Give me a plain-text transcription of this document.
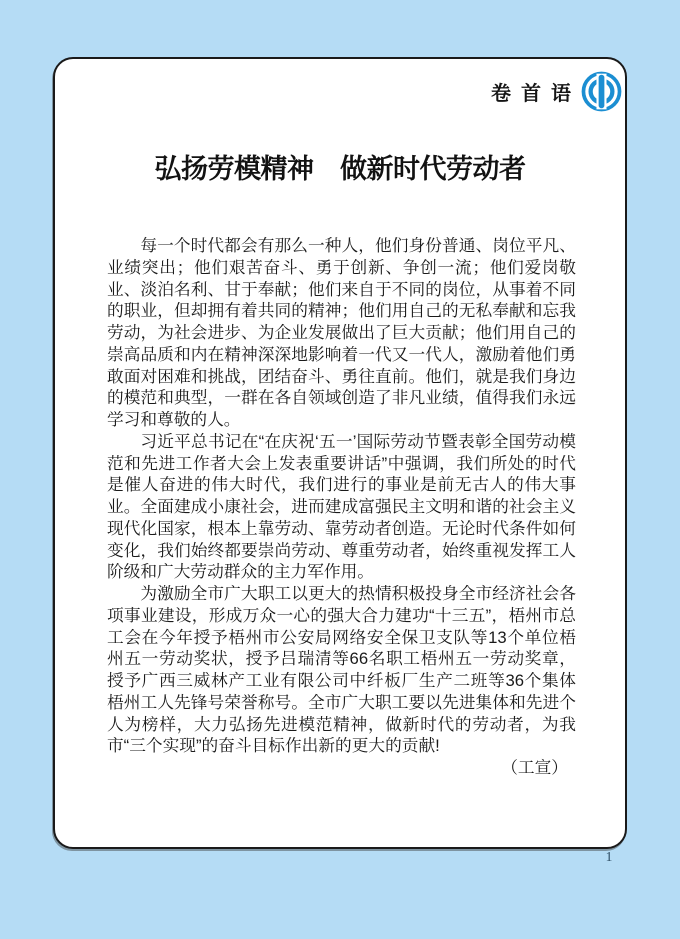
卷首语
弘扬劳模精神　做新时代劳动者

每一个时代都会有那么一种人，他们身份普通、岗位平凡、业绩突出；他们艰苦奋斗、勇于创新、争创一流；他们爱岗敬业、淡泊名利、甘于奉献；他们来自于不同的岗位，从事着不同的职业，但却拥有着共同的精神；他们用自己的无私奉献和忘我劳动，为社会进步、为企业发展做出了巨大贡献；他们用自己的崇高品质和内在精神深深地影响着一代又一代人，激励着他们勇敢面对困难和挑战，团结奋斗、勇往直前。他们，就是我们身边的模范和典型，一群在各自领域创造了非凡业绩，值得我们永远学习和尊敬的人。

习近平总书记在“在庆祝‘五一’国际劳动节暨表彰全国劳动模范和先进工作者大会上发表重要讲话”中强调，我们所处的时代是催人奋进的伟大时代，我们进行的事业是前无古人的伟大事业。全面建成小康社会，进而建成富强民主文明和谐的社会主义现代化国家，根本上靠劳动、靠劳动者创造。无论时代条件如何变化，我们始终都要崇尚劳动、尊重劳动者，始终重视发挥工人阶级和广大劳动群众的主力军作用。

为激励全市广大职工以更大的热情积极投身全市经济社会各项事业建设，形成万众一心的强大合力建功“十三五”，梧州市总工会在今年授予梧州市公安局网络安全保卫支队等13个单位梧州五一劳动奖状，授予吕瑞清等66名职工梧州五一劳动奖章，授予广西三威林产工业有限公司中纤板厂生产二班等36个集体梧州工人先锋号荣誉称号。全市广大职工要以先进集体和先进个人为榜样，大力弘扬先进模范精神，做新时代的劳动者，为我市“三个实现”的奋斗目标作出新的更大的贡献!

（工宣）

1
